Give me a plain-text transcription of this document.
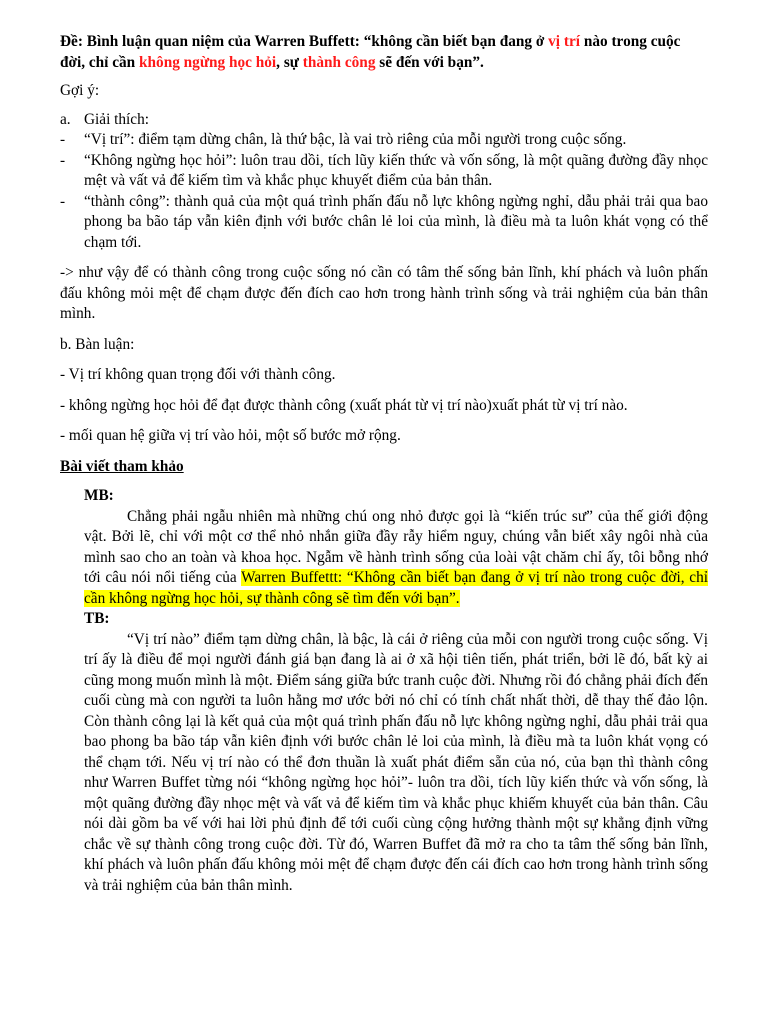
Đề: Bình luận quan niệm của Warren Buffett: “không cần biết bạn đang ở vị trí nào trong cuộc đời, chỉ cần không ngừng học hỏi, sự thành công sẽ đến với bạn”.

Gợi ý:

a. Giải thích:
-	“Vị trí”: điểm tạm dừng chân, là thứ bậc, là vai trò riêng của mỗi người trong cuộc sống.
-	“Không ngừng học hỏi”: luôn trau dồi, tích lũy kiến thức và vốn sống, là một quãng đường đầy nhọc mệt và vất vả để kiếm tìm và khắc phục khuyết điểm của bản thân.
-	“thành công”: thành quả của một quá trình phấn đấu nỗ lực không ngừng nghỉ, dẫu phải trải qua bao phong ba bão táp vẫn kiên định với bước chân lẻ loi của mình, là điều mà ta luôn khát vọng có thể chạm tới.

-> như vậy để có thành công trong cuộc sống nó cần có tâm thế sống bản lĩnh, khí phách và luôn phấn đấu không mỏi mệt để chạm được đến đích cao hơn trong hành trình sống và trải nghiệm của bản thân mình.

b. Bàn luận:

- Vị trí không quan trọng đối với thành công.

- không ngừng học hỏi để đạt được thành công (xuất phát từ vị trí nào)xuất phát từ vị trí nào.

- mối quan hệ giữa vị trí vào hỏi, một số bước mở rộng.

Bài viết tham khảo

MB:

Chẳng phải ngẫu nhiên mà những chú ong nhỏ được gọi là “kiến trúc sư” của thế giới động vật. Bởi lẽ, chỉ với một cơ thể nhỏ nhắn giữa đầy rẫy hiểm nguy, chúng vẫn biết xây ngôi nhà của mình sao cho an toàn và khoa học. Ngẫm về hành trình sống của loài vật chăm chỉ ấy, tôi bỗng nhớ tới câu nói nổi tiếng của Warren Buffettt: “Không cần biết bạn đang ở vị trí nào trong cuộc đời, chỉ cần không ngừng học hỏi, sự thành công sẽ tìm đến với bạn”.

TB:

“Vị trí nào” điểm tạm dừng chân, là bậc, là cái ở riêng của mỗi con người trong cuộc sống. Vị trí ấy là điều để mọi người đánh giá bạn đang là ai ở xã hội tiên tiến, phát triển, bởi lẽ đó, bất kỳ ai cũng mong muốn mình là một. Điểm sáng giữa bức tranh cuộc đời. Nhưng rồi đó chẳng phải đích đến cuối cùng mà con người ta luôn hằng mơ ước bởi nó chỉ có tính chất nhất thời, dễ thay thế đảo lộn. Còn thành công lại là kết quả của một quá trình phấn đấu nỗ lực không ngừng nghỉ, dẫu phải trải qua bao phong ba bão táp vẫn kiên định với bước chân lẻ loi của mình, là điều mà ta luôn khát vọng có thể chạm tới. Nếu vị trí nào có thể đơn thuần là xuất phát điểm sẵn của nó, của bạn thì thành công như Warren Buffet từng nói “không ngừng học hỏi”- luôn tra dồi, tích lũy kiến thức và vốn sống, là một quãng đường đầy nhọc mệt và vất vả để kiếm tìm và khắc phục khiếm khuyết của bản thân. Câu nói dài gồm ba vế với hai lời phủ định để tới cuối cùng cộng hưởng thành một sự khẳng định vững chắc về sự thành công trong cuộc đời. Từ đó, Warren Buffet đã mở ra cho ta tâm thế sống bản lĩnh, khí phách và luôn phấn đấu không mỏi mệt để chạm được đến cái đích cao hơn trong hành trình sống và trải nghiệm của bản thân mình.
